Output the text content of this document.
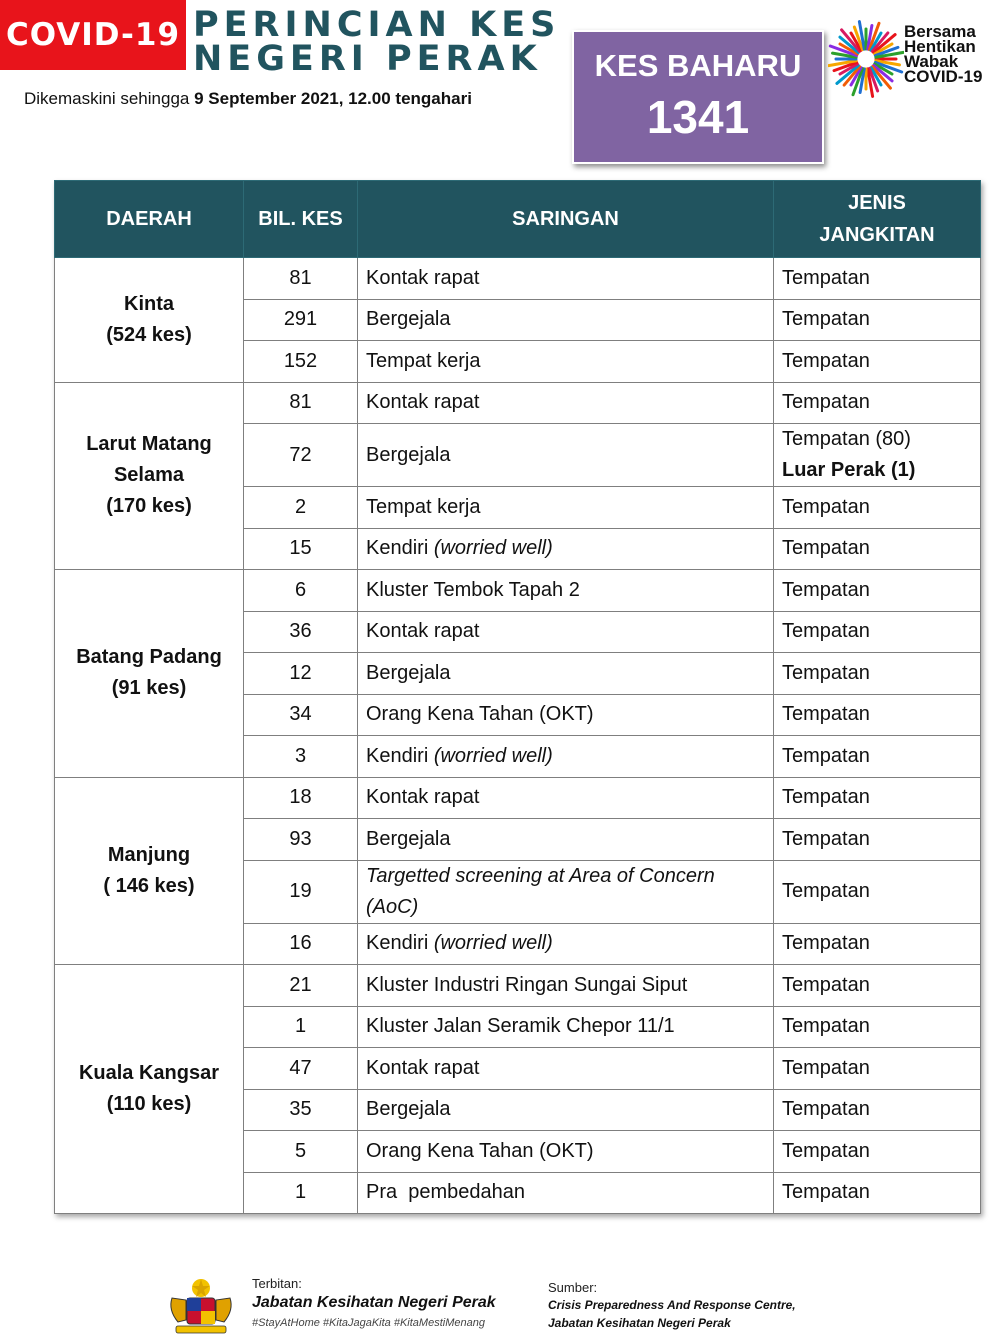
COVID-19 PERINCIAN KES
NEGERI PERAK
Dikemaskini sehingga 9 September 2021, 12.00 tengahari
KES BAHARU
1341
Bersama
Hentikan
Wabak
COVID-19
DAERAH	BIL. KES	SARINGAN	JENIS
JANGKITAN

Kinta
(524 kes)	81	Kontak rapat	Tempatan
	291	Bergejala	Tempatan
	152	Tempat kerja	Tempatan

Larut Matang Selama
(170 kes)	81	Kontak rapat	Tempatan
	72	Bergejala	Tempatan (80)
Luar Perak (1)

	2	Tempat kerja	Tempatan
	15	Kendiri (worried well)	Tempatan

Batang Padang
(91 kes)	6	Kluster Tembok Tapah 2	Tempatan
	36	Kontak rapat	Tempatan
	12	Bergejala	Tempatan
	34	Orang Kena Tahan (OKT)	Tempatan
	3	Kendiri (worried well)	Tempatan

Manjung
( 146 kes)	18	Kontak rapat	Tempatan
	93	Bergejala	Tempatan
	19	Targetted screening at Area of Concern (AoC)	Tempatan
	16	Kendiri (worried well)	Tempatan

Kuala Kangsar
(110 kes)	21	Kluster Industri Ringan Sungai Siput	Tempatan
	1	Kluster Jalan Seramik Chepor 11/1	Tempatan
	47	Kontak rapat	Tempatan
	35	Bergejala	Tempatan
	5	Orang Kena Tahan (OKT)	Tempatan
	1	Pra  pembedahan	Tempatan
Terbitan:
Jabatan Kesihatan Negeri Perak
#StayAtHome #KitaJagaKita #KitaMestiMenang
Sumber:
Crisis Preparedness And Response Centre,
Jabatan Kesihatan Negeri Perak
